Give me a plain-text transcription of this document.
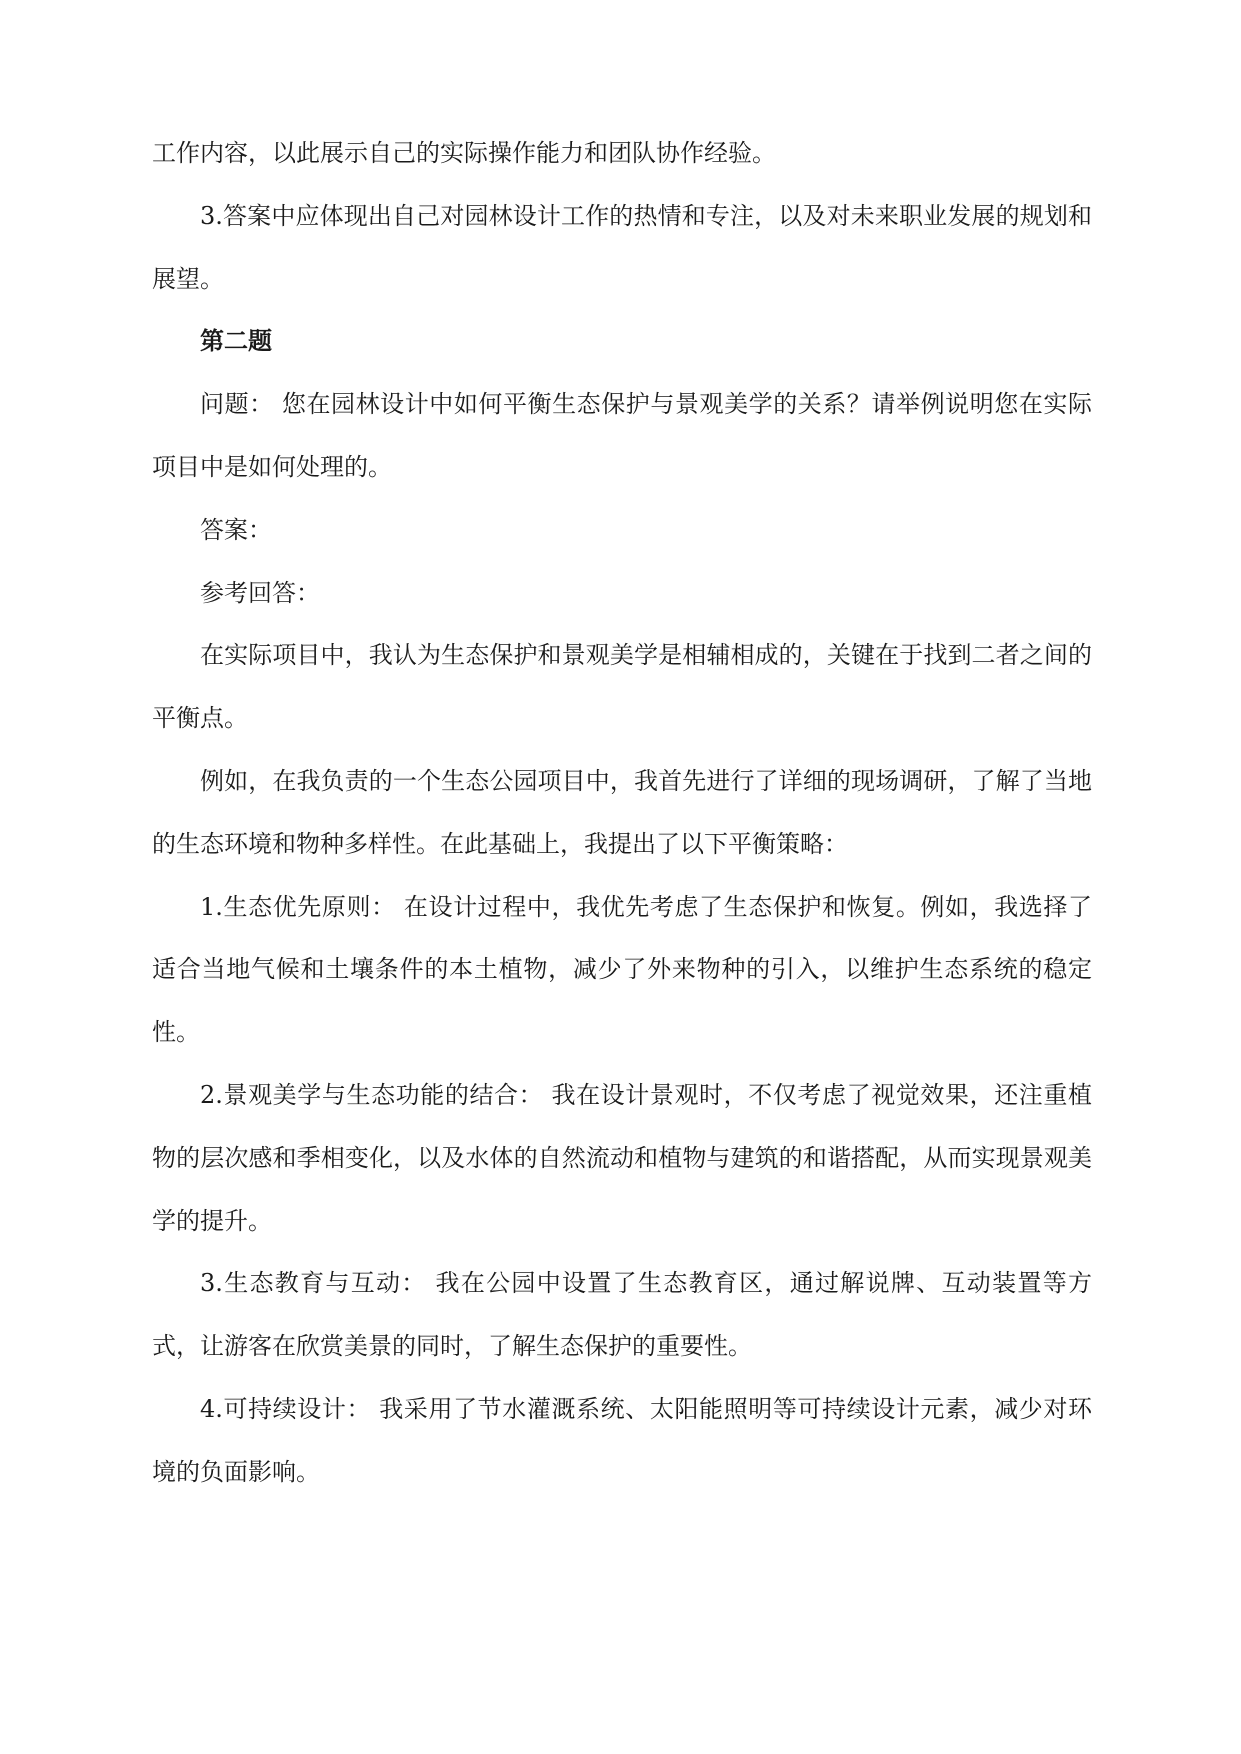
工作内容，以此展示自己的实际操作能力和团队协作经验。

3.答案中应体现出自己对园林设计工作的热情和专注，以及对未来职业发展的规划和展望。

第二题

问题： 您在园林设计中如何平衡生态保护与景观美学的关系？请举例说明您在实际项目中是如何处理的。

答案：

参考回答：

在实际项目中，我认为生态保护和景观美学是相辅相成的，关键在于找到二者之间的平衡点。

例如，在我负责的一个生态公园项目中，我首先进行了详细的现场调研，了解了当地的生态环境和物种多样性。在此基础上，我提出了以下平衡策略：

1.生态优先原则： 在设计过程中，我优先考虑了生态保护和恢复。例如，我选择了适合当地气候和土壤条件的本土植物，减少了外来物种的引入，以维护生态系统的稳定性。

2.景观美学与生态功能的结合： 我在设计景观时，不仅考虑了视觉效果，还注重植物的层次感和季相变化，以及水体的自然流动和植物与建筑的和谐搭配，从而实现景观美学的提升。

3.生态教育与互动： 我在公园中设置了生态教育区，通过解说牌、互动装置等方式，让游客在欣赏美景的同时，了解生态保护的重要性。

4.可持续设计： 我采用了节水灌溉系统、太阳能照明等可持续设计元素，减少对环境的负面影响。
